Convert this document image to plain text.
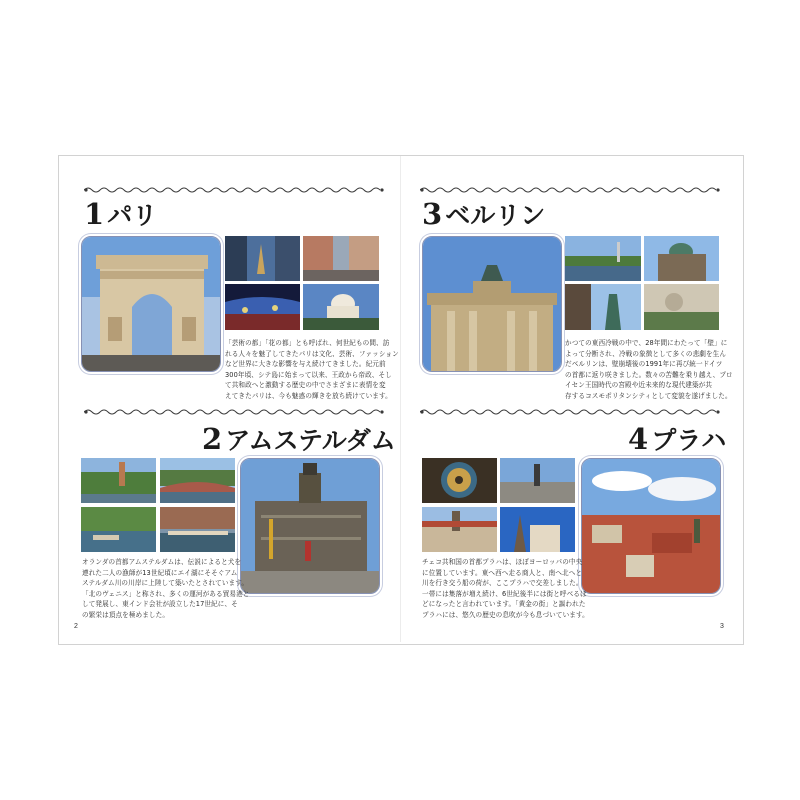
1 パリ
「芸術の都」「花の都」とも呼ばれ、何世紀もの間、訪
れる人々を魅了してきたパリは文化、芸術、ファッション
など世界に大きな影響を与え続けてきました。紀元前
300年頃、シテ島に始まって以来、王政から帝政、そし
て共和政へと激動する歴史の中でさまざまに表情を変
えてきたパリは、今も魅惑の輝きを放ち続けています。
2 アムステルダム
オランダの首都アムステルダムは、伝説によると犬を
連れた二人の漁師が13世紀頃にエイ湖にそそぐアム
ステルダム川の川岸に上陸して築いたとされています。
「北のヴェニス」と称され、多くの運河がある貿易港と
して発展し、東インド会社が設立した17世紀に、そ
の繁栄は頂点を極めました。
3 ベルリン
かつての東西冷戦の中で、28年間にわたって「壁」に
よって分断され、冷戦の象徴として多くの悲劇を生ん
だベルリンは、壁崩壊後の1991年に再び統一ドイツ
の首都に返り咲きました。数々の苦難を乗り越え、プロ
イセン王国時代の宮殿や近未来的な現代建築が共
存するコスモポリタンシティとして変貌を遂げました。
4 プラハ
チェコ共和国の首都プラハは、ほぼヨーロッパの中央
に位置しています。東へ西へ走る商人と、南へ北へと
川を行き交う船の荷が、ここプラハで交差しました。
一帯には集落が増え続け、6世紀後半には街と呼べるほ
どになったと言われています。「黄金の街」と謳われた
プラハには、悠久の歴史の息吹が今も息づいています。
2	3
